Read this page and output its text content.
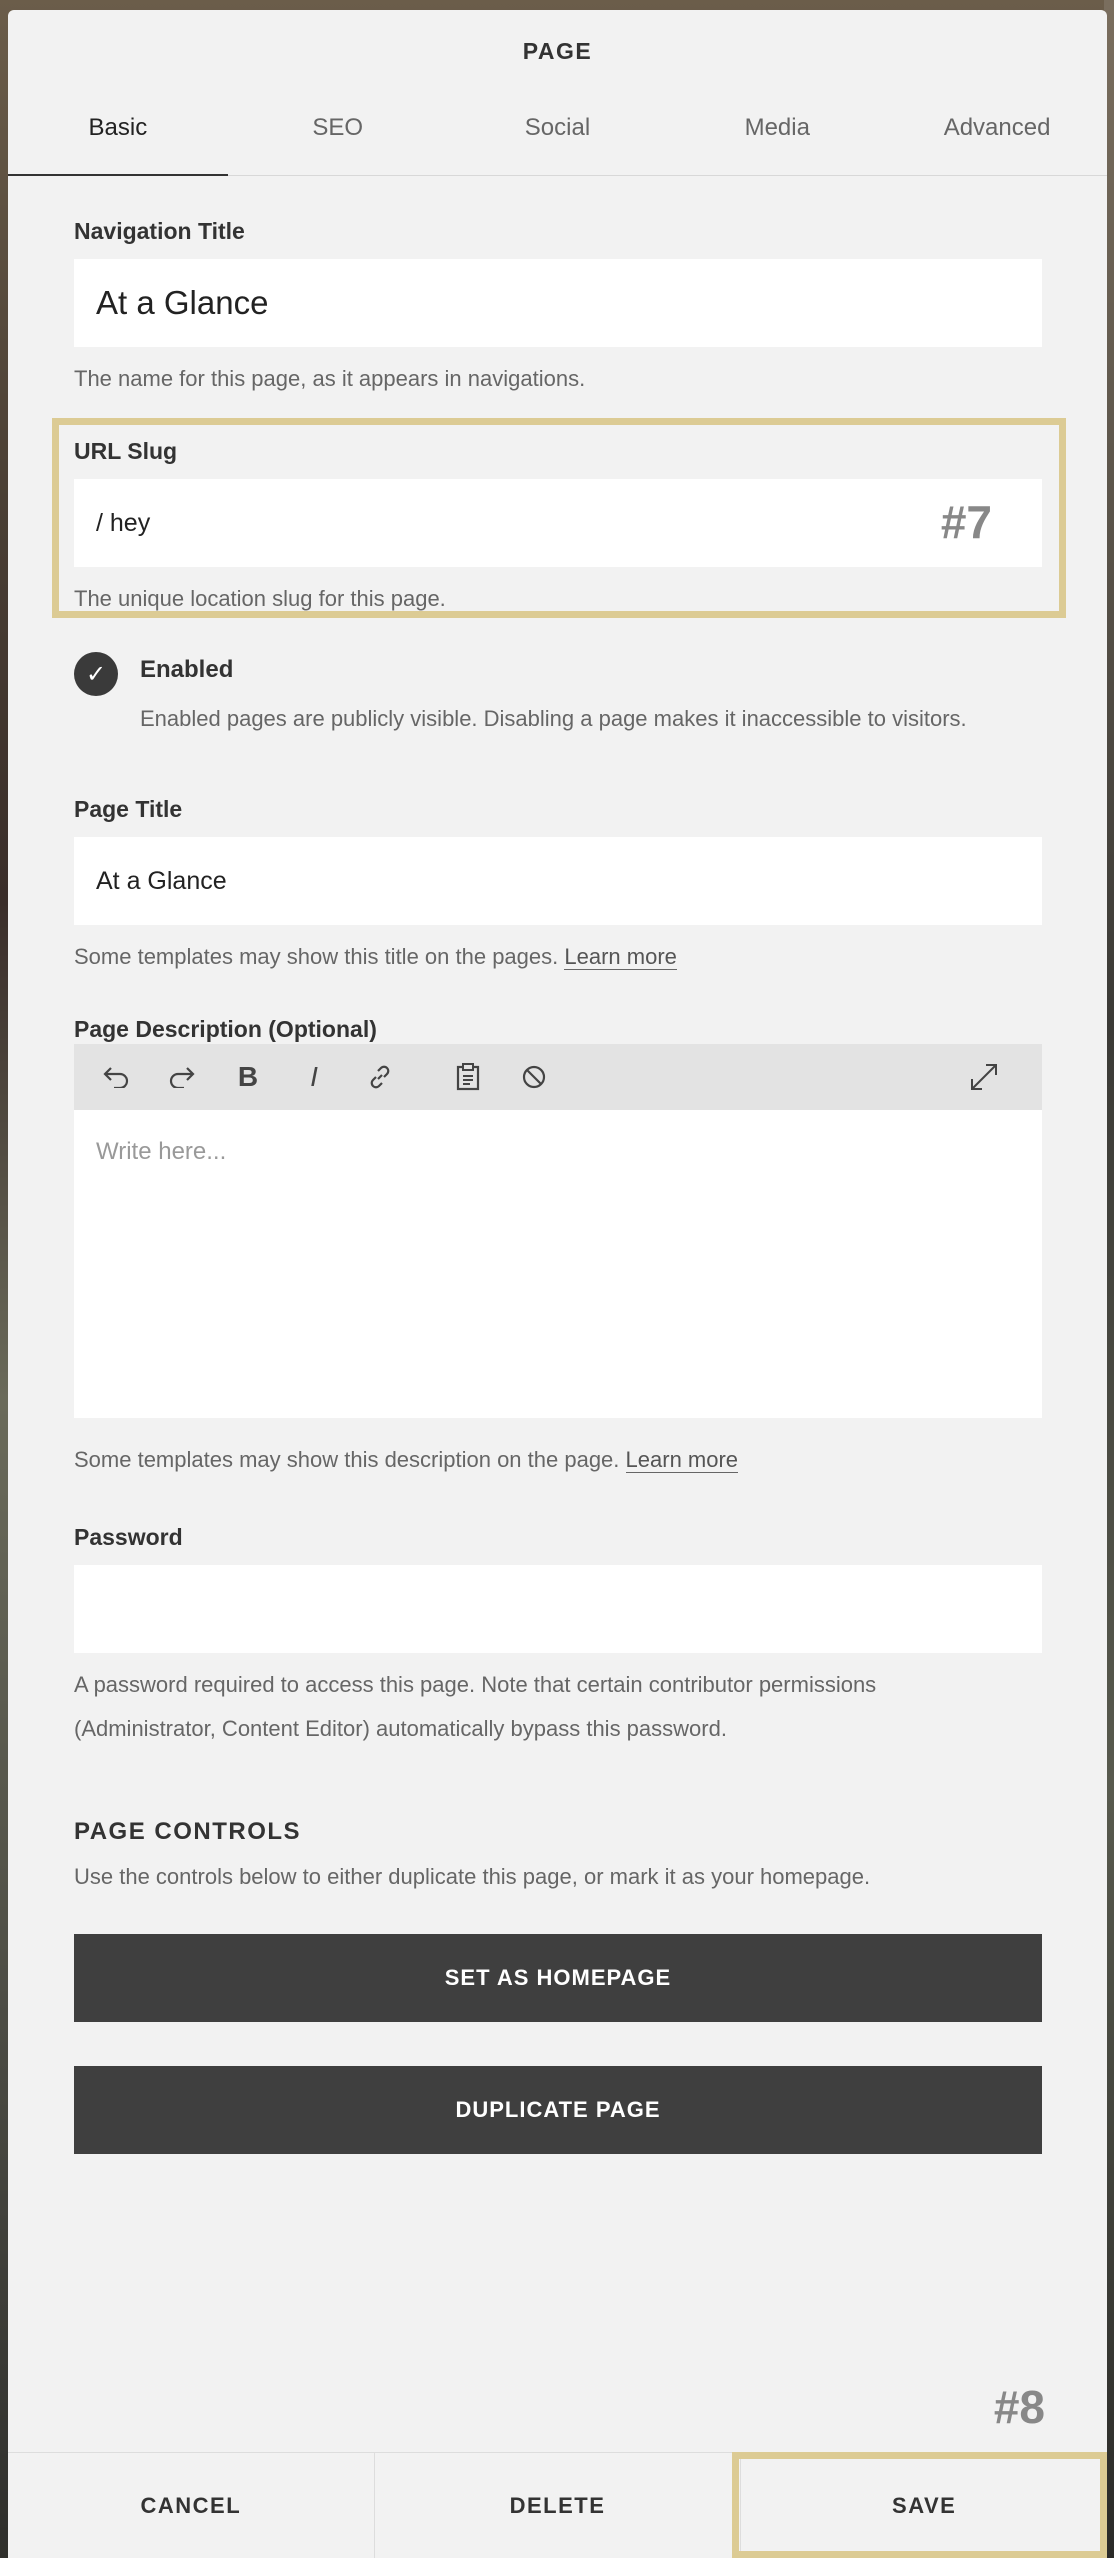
PAGE
Basic	SEO	Social	Media	Advanced
Navigation Title
At a Glance
The name for this page, as it appears in navigations.
URL Slug
/ hey	#7
The unique location slug for this page.
✓ Enabled
Enabled pages are publicly visible. Disabling a page makes it inaccessible to visitors.
Page Title
At a Glance
Some templates may show this title on the pages. Learn more
Page Description (Optional)
B	I
Write here...
Some templates may show this description on the page. Learn more
Password
A password required to access this page. Note that certain contributor permissions
(Administrator, Content Editor) automatically bypass this password.
PAGE CONTROLS
Use the controls below to either duplicate this page, or mark it as your homepage.
SET AS HOMEPAGE
DUPLICATE PAGE
#8
CANCEL	DELETE	SAVE
